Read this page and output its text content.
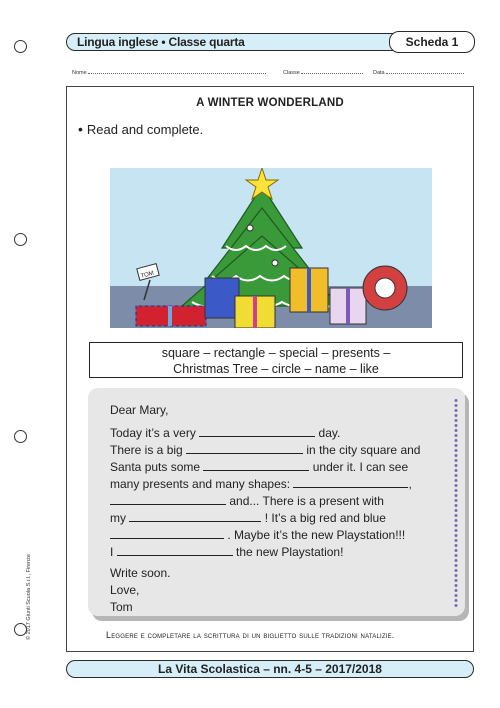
Lingua inglese • Classe quarta	Scheda 1
Nome	Classe	Data
A WINTER WONDERLAND
• Read and complete.
TOM
square – rectangle – special – presents –
Christmas Tree – circle – name – like
Dear Mary,
Today it’s a very	day.
There is a big	in the city square and
Santa puts some	under it. I can see
many presents and many shapes:	,
and... There is a present with
my	! It’s a big red and blue
. Maybe it’s the new Playstation!!!
I	the new Playstation!
Write soon.
Love,
Tom
Leggere e completare la scrittura di un biglietto sulle tradizioni natalizie.
© 2017 Giunti Scuola S.r.l., Firenze
La Vita Scolastica – nn. 4-5 – 2017/2018
